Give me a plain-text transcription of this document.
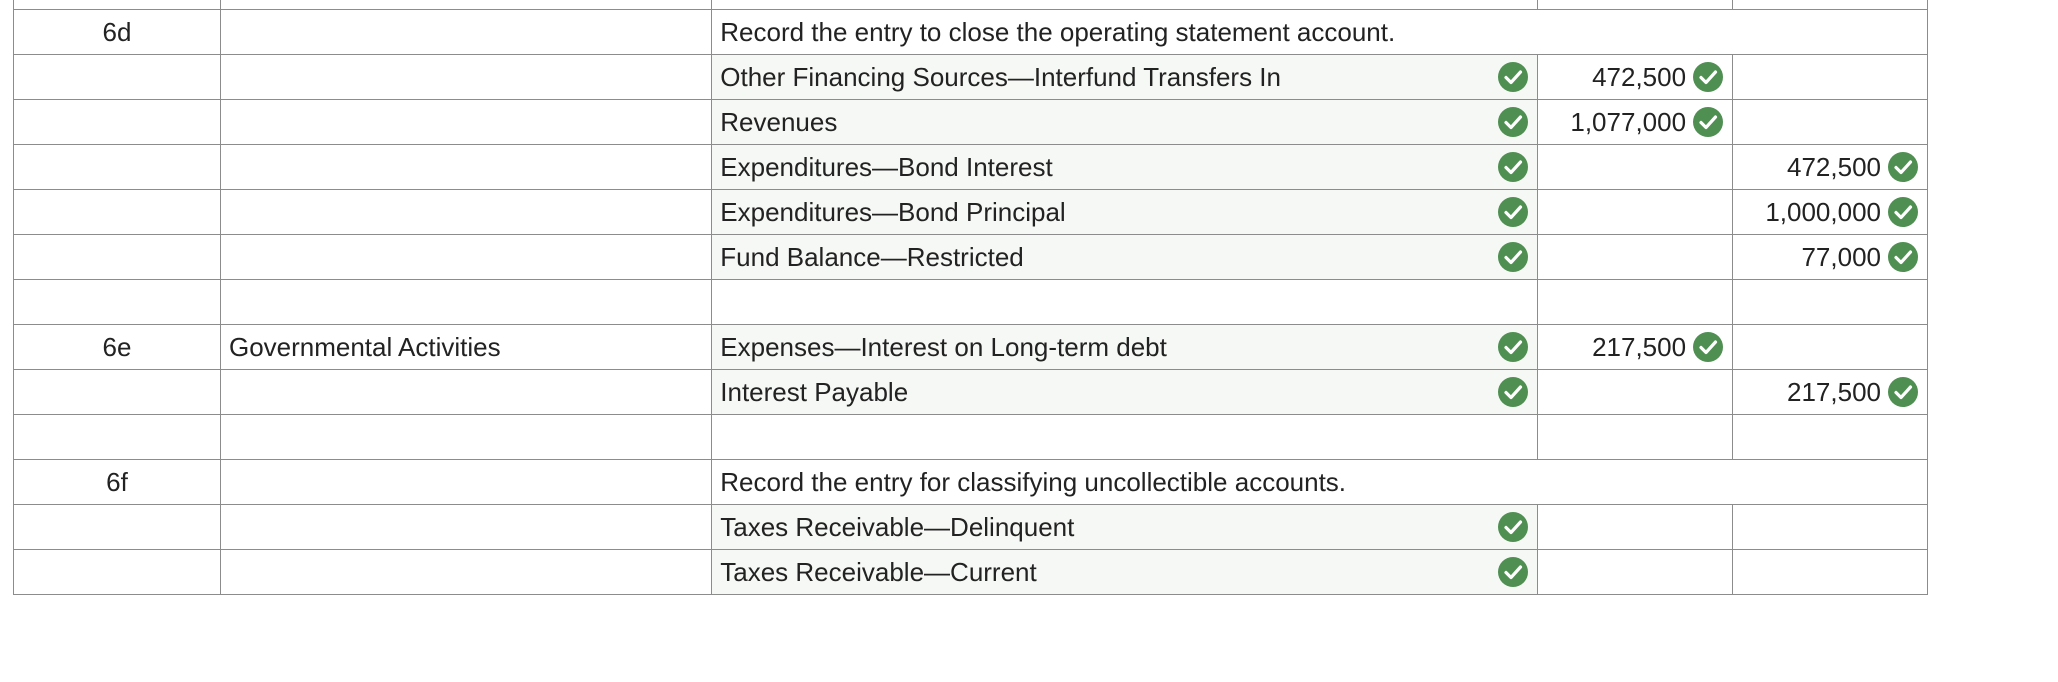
6d		Record the entry to close the operating statement account.		

		Other Financing Sources—Interfund Transfers In	472,500	

		Revenues	1,077,000	

		Expenditures—Bond Interest		472,500

		Expenditures—Bond Principal		1,000,000

		Fund Balance—Restricted		77,000

6e	Governmental Activities	Expenses—Interest on Long-term debt	217,500	

		Interest Payable		217,500

6f		Record the entry for classifying uncollectible accounts.		

		Taxes Receivable—Delinquent		

		Taxes Receivable—Current		
